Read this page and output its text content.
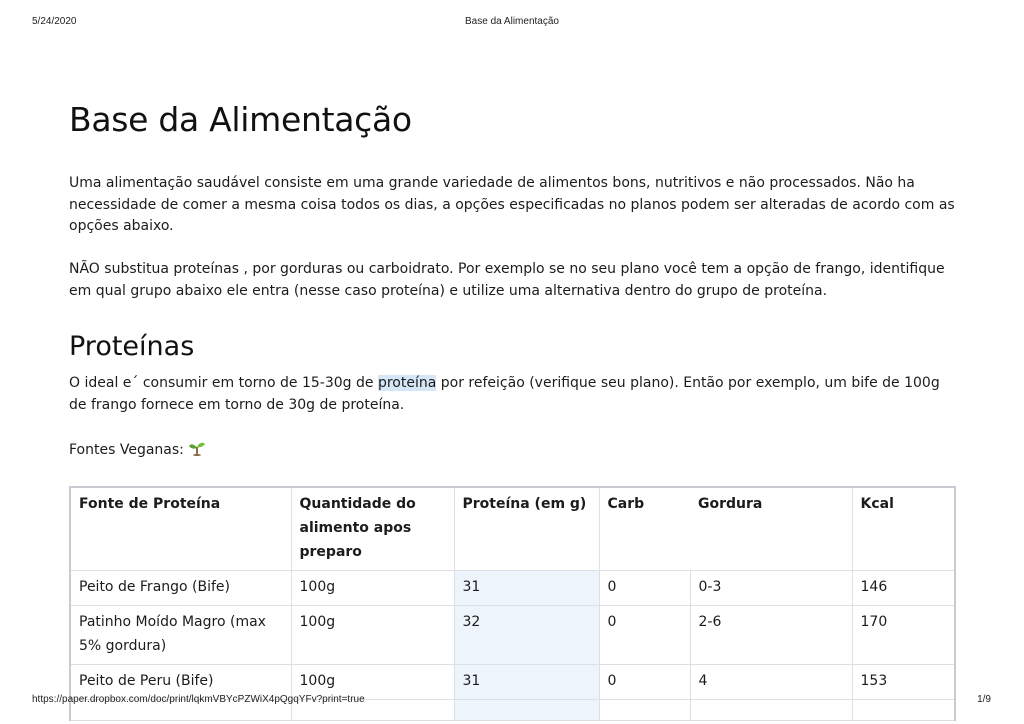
5/24/2020	Base da Alimentação
Base da Alimentação

Uma alimentação saudável consiste em uma grande variedade de alimentos bons, nutritivos e não processados. Não ha necessidade de comer a mesma coisa todos os dias, a opções especificadas no planos podem ser alteradas de acordo com as opções abaixo.

NÃO substitua proteínas , por gorduras ou carboidrato. Por exemplo se no seu plano você tem a opção de frango, identifique em qual grupo abaixo ele entra (nesse caso proteína) e utilize uma alternativa dentro do grupo de proteína.

Proteínas

O ideal e´ consumir em torno de 15-30g de proteína por refeição (verifique seu plano). Então por exemplo, um bife de 100g de frango fornece em torno de 30g de proteína.

Fontes Veganas:

Fonte de Proteína	Quantidade do alimento apos preparo	Proteína (em g)	Carb	Gordura	Kcal
Peito de Frango (Bife)	100g	31	0	0-3	146
Patinho Moído Magro (max 5% gordura)	100g	32	0	2-6	170
Peito de Peru (Bife)	100g	31	0	4	153

https://paper.dropbox.com/doc/print/lqkmVBYcPZWiX4pQgqYFv?print=true	1/9
